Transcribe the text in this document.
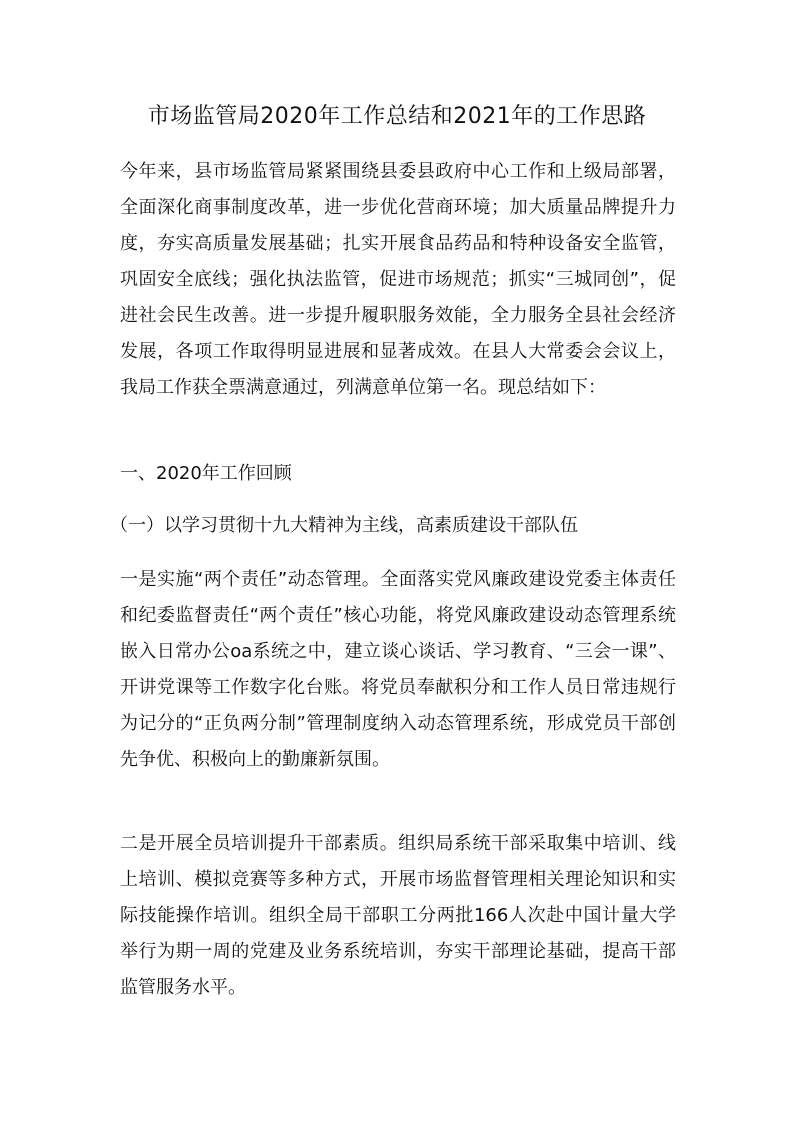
市场监管局2020年工作总结和2021年的工作思路

今年来，县市场监管局紧紧围绕县委县政府中心工作和上级局部署，全面深化商事制度改革，进一步优化营商环境；加大质量品牌提升力度，夯实高质量发展基础；扎实开展食品药品和特种设备安全监管，巩固安全底线；强化执法监管，促进市场规范；抓实“三城同创”，促进社会民生改善。进一步提升履职服务效能，全力服务全县社会经济发展，各项工作取得明显进展和显著成效。在县人大常委会会议上，我局工作获全票满意通过，列满意单位第一名。现总结如下：

一、2020年工作回顾
（一）以学习贯彻十九大精神为主线，高素质建设干部队伍

一是实施“两个责任”动态管理。全面落实党风廉政建设党委主体责任和纪委监督责任“两个责任”核心功能，将党风廉政建设动态管理系统嵌入日常办公oa系统之中，建立谈心谈话、学习教育、“三会一课”、开讲党课等工作数字化台账。将党员奉献积分和工作人员日常违规行为记分的“正负两分制”管理制度纳入动态管理系统，形成党员干部创先争优、积极向上的勤廉新氛围。

二是开展全员培训提升干部素质。组织局系统干部采取集中培训、线上培训、模拟竞赛等多种方式，开展市场监督管理相关理论知识和实际技能操作培训。组织全局干部职工分两批166人次赴中国计量大学举行为期一周的党建及业务系统培训，夯实干部理论基础，提高干部监管服务水平。
